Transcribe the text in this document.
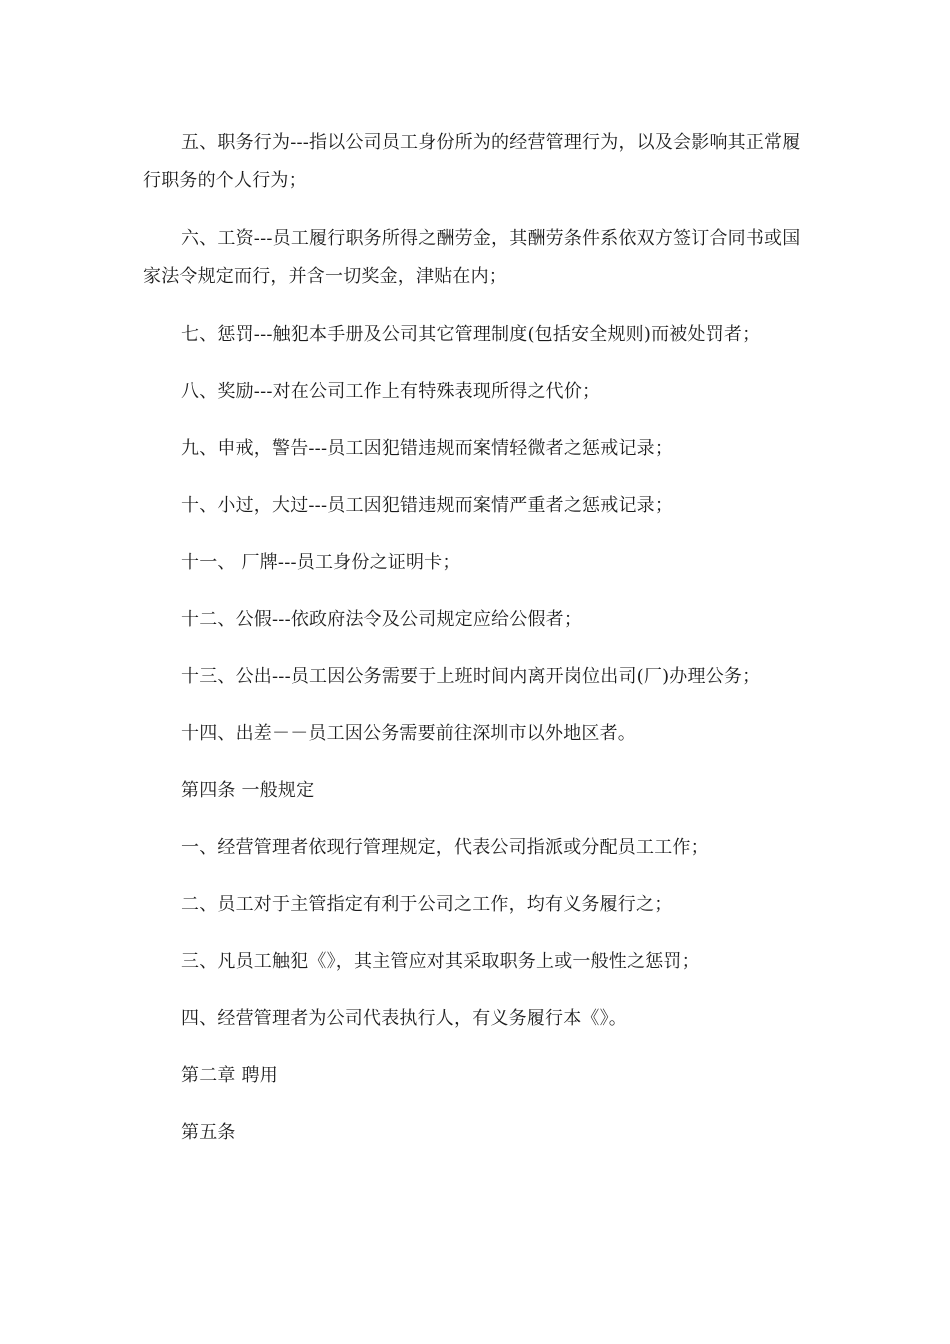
五、职务行为---指以公司员工身份所为的经营管理行为，以及会影响其正常履行职务的个人行为；

六、工资---员工履行职务所得之酬劳金，其酬劳条件系依双方签订合同书或国家法令规定而行，并含一切奖金，津贴在内；

七、惩罚---触犯本手册及公司其它管理制度(包括安全规则)而被处罚者；

八、奖励---对在公司工作上有特殊表现所得之代价；

九、申戒，警告---员工因犯错违规而案情轻微者之惩戒记录；

十、小过，大过---员工因犯错违规而案情严重者之惩戒记录；

十一、 厂牌---员工身份之证明卡；

十二、公假---依政府法令及公司规定应给公假者；

十三、公出---员工因公务需要于上班时间内离开岗位出司(厂)办理公务；

十四、出差－－员工因公务需要前往深圳市以外地区者。

第四条 一般规定

一、经营管理者依现行管理规定，代表公司指派或分配员工工作；

二、员工对于主管指定有利于公司之工作，均有义务履行之；

三、凡员工触犯《》，其主管应对其采取职务上或一般性之惩罚；

四、经营管理者为公司代表执行人，有义务履行本《》。

第二章 聘用

第五条
